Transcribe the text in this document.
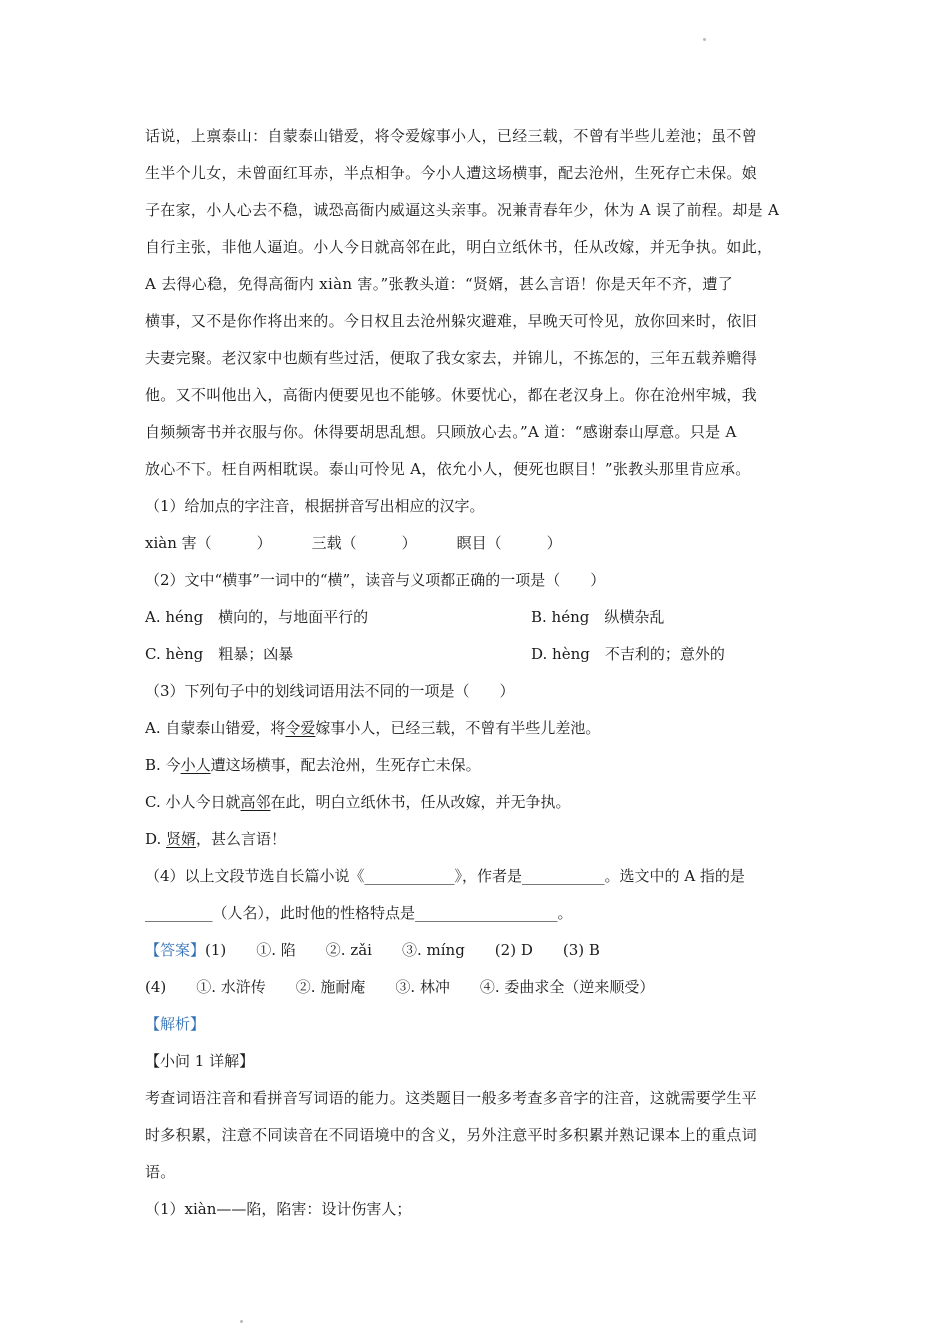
话说，上禀泰山：自蒙泰山错爱，将令爱嫁事小人，已经三载，不曾有半些儿差池；虽不曾

生半个儿女，未曾面红耳赤，半点相争。今小人遭这场横事，配去沧州，生死存亡未保。娘

子在家，小人心去不稳，诚恐高衙内威逼这头亲事。况兼青春年少，休为 A 误了前程。却是 A

自行主张，非他人逼迫。小人今日就高邻在此，明白立纸休书，任从改嫁，并无争执。如此，

A 去得心稳，免得高衙内 xiàn 害。”张教头道：“贤婿，甚么言语！你是天年不齐，遭了

横事，又不是你作将出来的。今日权且去沧州躲灾避难，早晚天可怜见，放你回来时，依旧

夫妻完聚。老汉家中也颇有些过活，便取了我女家去，并锦儿，不拣怎的，三年五载养赡得

他。又不叫他出入，高衙内便要见也不能够。休要忧心，都在老汉身上。你在沧州牢城，我

自频频寄书并衣服与你。休得要胡思乱想。只顾放心去。”A 道：“感谢泰山厚意。只是 A

放心不下。枉自两相耽误。泰山可怜见 A，依允小人，便死也瞑目！”张教头那里肯应承。

（1）给加点的字注音，根据拼音写出相应的汉字。
xiàn 害（　　　）	三载（　　　）	瞑目（　　　）
（2）文中“横事”一词中的“横”，读音与义项都正确的一项是（　　）
A. héng　横向的，与地面平行的	B. héng　纵横杂乱
C. hèng　粗暴；凶暴	D. hèng　不吉利的；意外的
（3）下列句子中的划线词语用法不同的一项是（　　）
A. 自蒙泰山错爱，将令爱嫁事小人，已经三载，不曾有半些儿差池。
B. 今小人遭这场横事，配去沧州，生死存亡未保。
C. 小人今日就高邻在此，明白立纸休书，任从改嫁，并无争执。
D. 贤婿，甚么言语！
（4）以上文段节选自长篇小说《____________》，作者是___________。选文中的 A 指的是
_________（人名），此时他的性格特点是___________________。
【答案】(1)　　①. 陷　　②. zǎi　　③. míng　　(2) D　　(3) B
(4)　　①. 水浒传　　②. 施耐庵　　③. 林冲　　④. 委曲求全（逆来顺受）
【解析】
【小问 1 详解】

考查词语注音和看拼音写词语的能力。这类题目一般多考查多音字的注音，这就需要学生平

时多积累，注意不同读音在不同语境中的含义，另外注意平时多积累并熟记课本上的重点词

语。

（1）xiàn——陷，陷害：设计伤害人；
